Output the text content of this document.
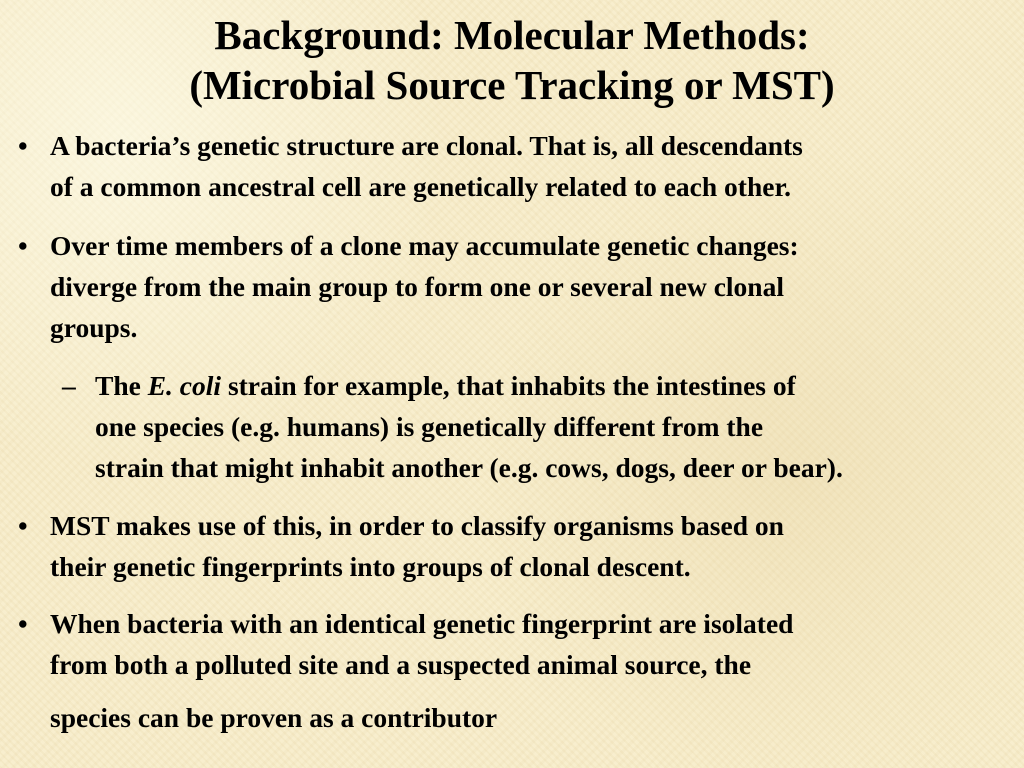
Background: Molecular Methods:
(Microbial Source Tracking or MST)
• A bacteria’s genetic structure are clonal. That is, all descendants
of a common ancestral cell are genetically related to each other.
• Over time members of a clone may accumulate genetic changes:
diverge from the main group to form one or several new clonal
groups.
– The E. coli strain for example, that inhabits the intestines of
one species (e.g. humans) is genetically different from the
strain that might inhabit another (e.g. cows, dogs, deer or bear).
• MST makes use of this, in order to classify organisms based on
their genetic fingerprints into groups of clonal descent.
• When bacteria with an identical genetic fingerprint are isolated
from both a polluted site and a suspected animal source, the
species can be proven as a contributor
